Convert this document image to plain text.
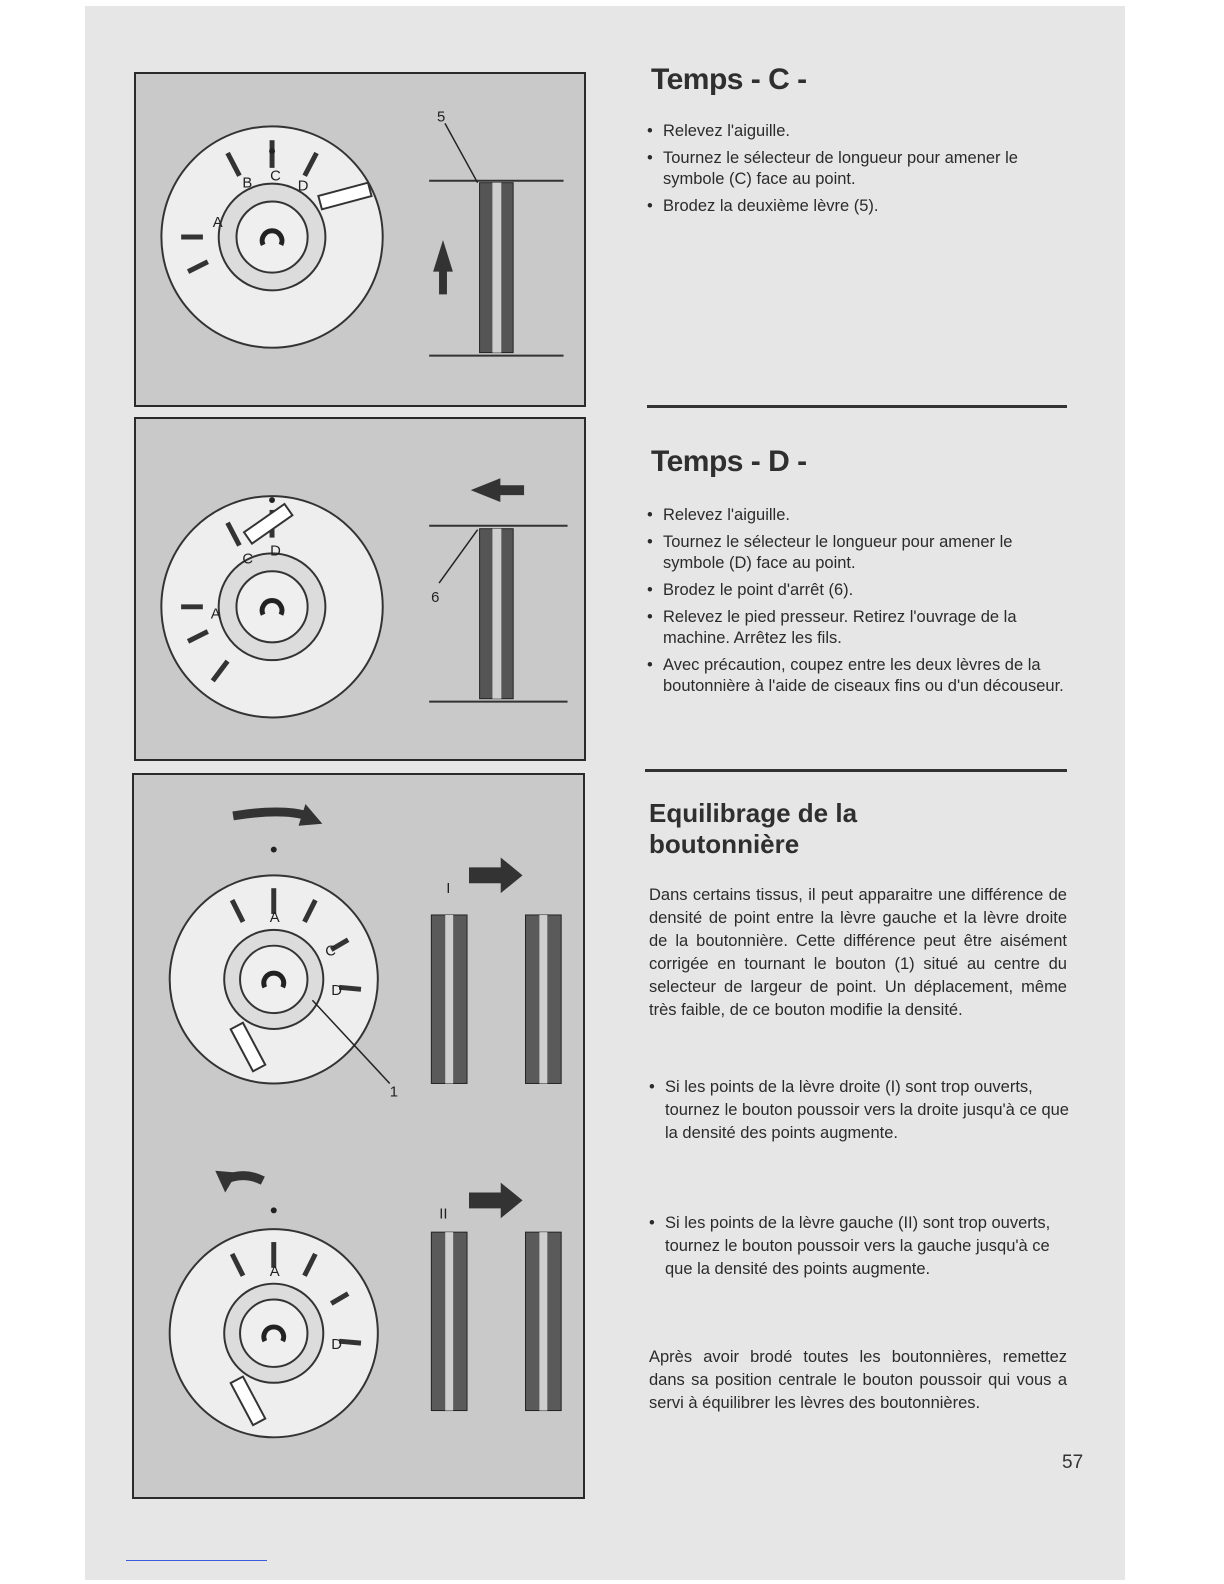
C
D
B
A
5
D
C
A
6
A
C
D
1
I
A
D
II
Temps - C -
• Relevez l'aiguille.
• Tournez le sélecteur de longueur pour amener le symbole (C) face au point.
• Brodez la deuxième lèvre (5).
Temps - D -
• Relevez l'aiguille.
• Tournez le sélecteur le longueur pour amener le symbole (D) face au point.
• Brodez le point d'arrêt (6).
• Relevez le pied presseur. Retirez l'ouvrage de la machine. Arrêtez les fils.
• Avec précaution, coupez entre les deux lèvres de la boutonnière à l'aide de ciseaux fins ou d'un découseur.
Equilibrage de la boutonnière

Dans certains tissus, il peut apparaitre une différence de densité de point entre la lèvre gauche et la lèvre droite de la boutonnière. Cette différence peut être aisément corrigée en tournant le bouton (1) situé au centre du selecteur de largeur de point. Un déplacement, même très faible, de ce bouton modifie la densité.

• Si les points de la lèvre droite (I) sont trop ouverts, tournez le bouton poussoir vers la droite jusqu'à ce que la densité des points augmente.
• Si les points de la lèvre gauche (II) sont trop ouverts, tournez le bouton poussoir vers la gauche jusqu'à ce que la densité des points augmente.

Après avoir brodé toutes les boutonnières, remettez dans sa position centrale le bouton poussoir qui vous a servi à équilibrer les lèvres des boutonnières.

57
